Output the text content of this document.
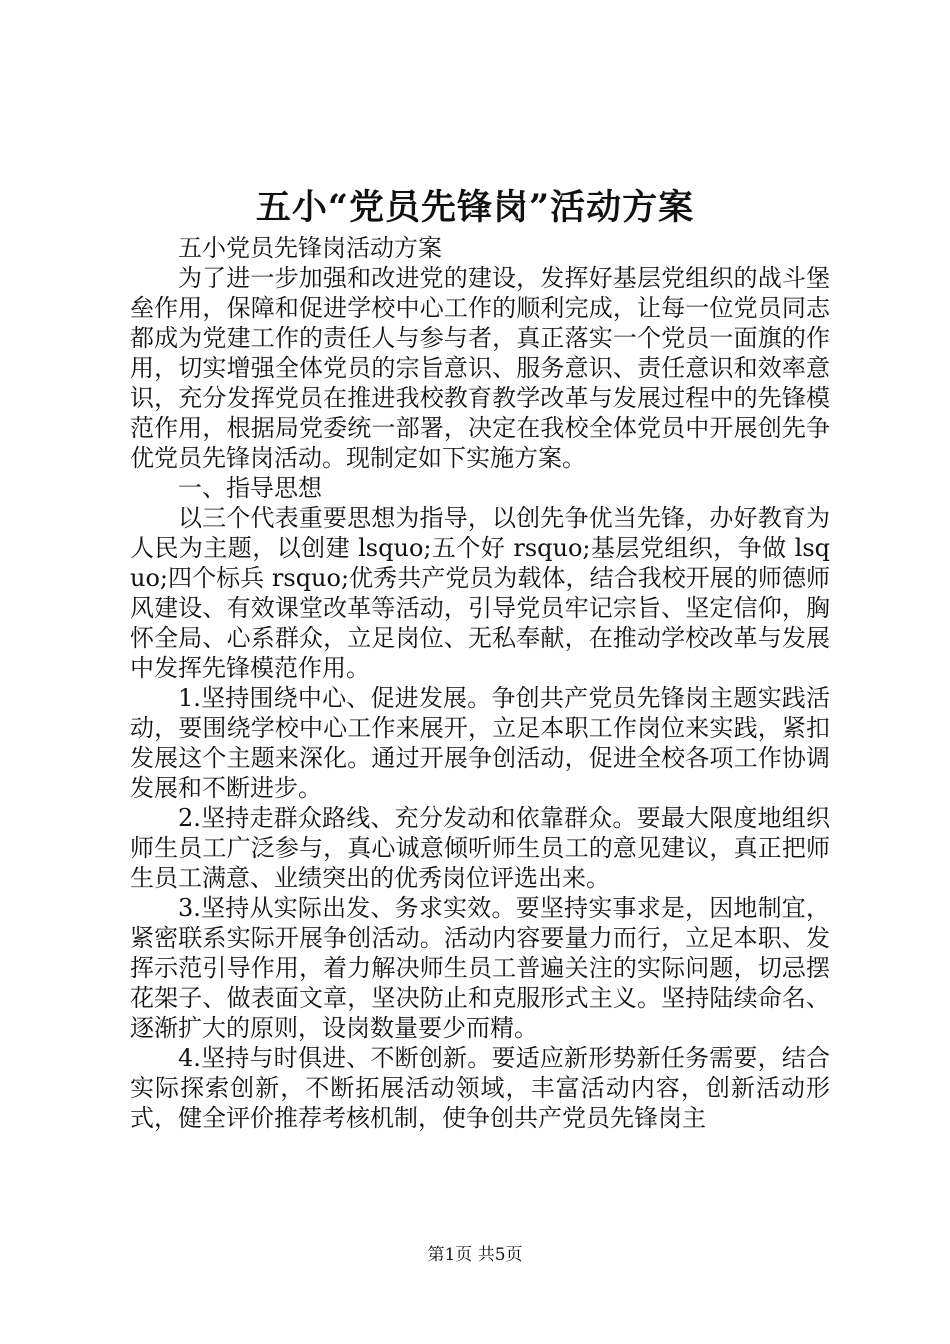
五小“党员先锋岗”活动方案

五小党员先锋岗活动方案

为了进一步加强和改进党的建设，发挥好基层党组织的战斗堡垒作用，保障和促进学校中心工作的顺利完成，让每一位党员同志都成为党建工作的责任人与参与者，真正落实一个党员一面旗的作用，切实增强全体党员的宗旨意识、服务意识、责任意识和效率意识，充分发挥党员在推进我校教育教学改革与发展过程中的先锋模范作用，根据局党委统一部署，决定在我校全体党员中开展创先争优党员先锋岗活动。现制定如下实施方案。

一、指导思想

以三个代表重要思想为指导，以创先争优当先锋，办好教育为人民为主题，以创建 lsquo;五个好 rsquo;基层党组织，争做 lsquo;四个标兵 rsquo;优秀共产党员为载体，结合我校开展的师德师风建设、有效课堂改革等活动，引导党员牢记宗旨、坚定信仰，胸怀全局、心系群众，立足岗位、无私奉献，在推动学校改革与发展中发挥先锋模范作用。

1.坚持围绕中心、促进发展。争创共产党员先锋岗主题实践活动，要围绕学校中心工作来展开，立足本职工作岗位来实践，紧扣发展这个主题来深化。通过开展争创活动，促进全校各项工作协调发展和不断进步。

2.坚持走群众路线、充分发动和依靠群众。要最大限度地组织师生员工广泛参与，真心诚意倾听师生员工的意见建议，真正把师生员工满意、业绩突出的优秀岗位评选出来。

3.坚持从实际出发、务求实效。要坚持实事求是，因地制宜，紧密联系实际开展争创活动。活动内容要量力而行，立足本职、发挥示范引导作用，着力解决师生员工普遍关注的实际问题，切忌摆花架子、做表面文章，坚决防止和克服形式主义。坚持陆续命名、逐渐扩大的原则，设岗数量要少而精。

4.坚持与时俱进、不断创新。要适应新形势新任务需要，结合实际探索创新，不断拓展活动领域，丰富活动内容，创新活动形式，健全评价推荐考核机制，使争创共产党员先锋岗主

第1页 共5页
